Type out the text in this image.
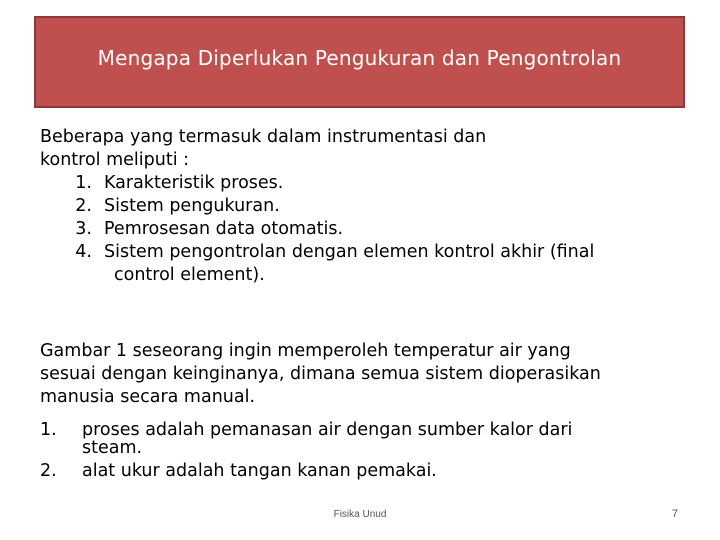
Mengapa Diperlukan Pengukuran dan Pengontrolan
Beberapa yang termasuk dalam instrumentasi dan
kontrol meliputi :
1. Karakteristik proses.
2. Sistem pengukuran.
3. Pemrosesan data otomatis.
4. Sistem pengontrolan dengan elemen kontrol akhir (final
control element).
Gambar 1 seseorang ingin memperoleh temperatur air yang
sesuai dengan keinginanya, dimana semua sistem dioperasikan
manusia secara manual.
1.	proses adalah pemanasan air dengan sumber kalor dari
steam.
2.	alat ukur adalah tangan kanan pemakai.
Fisika Unud	7
